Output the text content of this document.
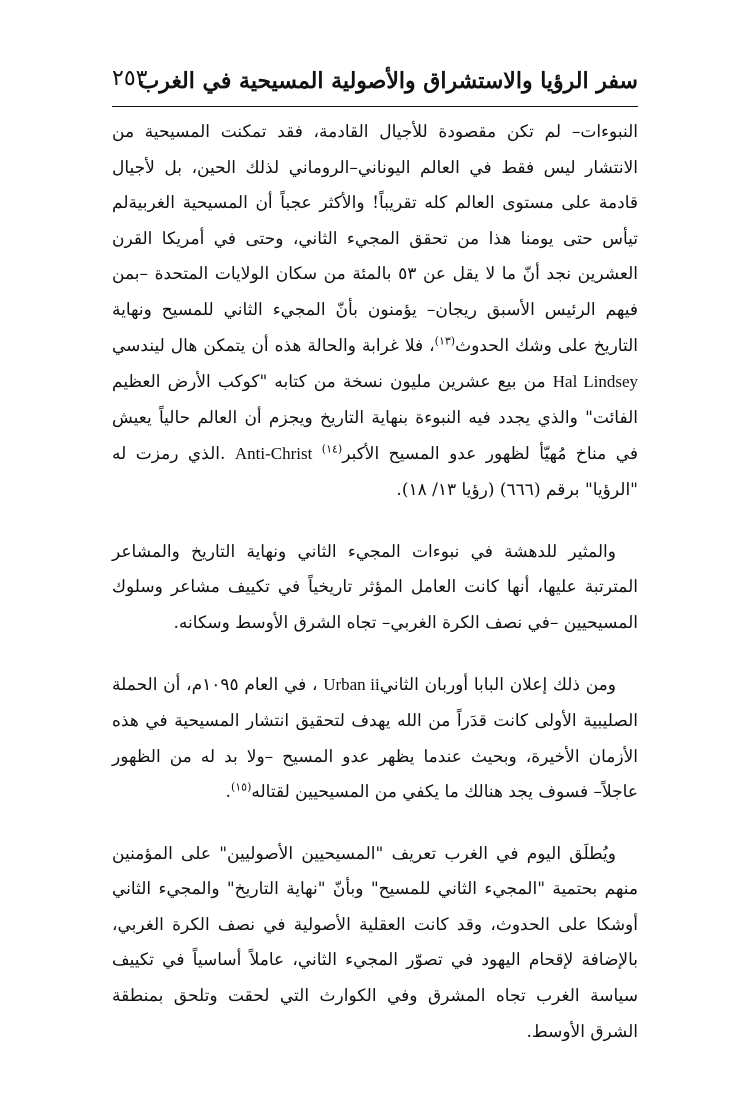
سفر الرؤيا والاستشراق والأصولية المسيحية في الغرب
٢٥٣

النبوءات– لم تكن مقصودة للأجيال القادمة، فقد تمكنت المسيحية من الانتشار ليس فقط في العالم اليوناني–الروماني لذلك الحين، بل لأجيال قادمة على مستوى العالم كله تقريباً! والأكثر عجباً أن المسيحية الغربيةلم تيأس حتى يومنا هذا من تحقق المجيء الثاني، وحتى في أمريكا القرن العشرين نجد أنّ ما لا يقل عن ٥٣ بالمئة من سكان الولايات المتحدة –بمن فيهم الرئيس الأسبق ريجان– يؤمنون بأنّ المجيء الثاني للمسيح ونهاية التاريخ على وشك الحدوث$^{(١٣)}$، فلا غرابة والحالة هذه أن يتمكن هال ليندسي Hal Lindsey من بيع عشرين مليون نسخة من كتابه "كوكب الأرض العظيم الفائت" والذي يجدد فيه النبوءة بنهاية التاريخ ويجزم أن العالم حالياً يعيش في مناخ مُهيّأ لظهور عدو المسيح الأكبر$^{(١٤)}$ Anti-Christ .الذي رمزت له "الرؤيا" برقم (٦٦٦) (رؤيا ١٣/ ١٨).

والمثير للدهشة في نبوءات المجيء الثاني ونهاية التاريخ والمشاعر المترتبة عليها، أنها كانت العامل المؤثر تاريخياً في تكييف مشاعر وسلوك المسيحيين –في نصف الكرة الغربي– تجاه الشرق الأوسط وسكانه.

ومن ذلك إعلان البابا أوربان الثانيUrban ii ، في العام ١٠٩٥م، أن الحملة الصليبية الأولى كانت قدَراً من الله يهدف لتحقيق انتشار المسيحية في هذه الأزمان الأخيرة، وبحيث عندما يظهر عدو المسيح –ولا بد له من الظهور عاجلاً– فسوف يجد هنالك ما يكفي من المسيحيين لقتاله$^{(١٥)}$.

ويُطلَق اليوم في الغرب تعريف "المسيحيين الأصوليين" على المؤمنين منهم بحتمية "المجيء الثاني للمسيح" وبأنّ "نهاية التاريخ" والمجيء الثاني أوشكا على الحدوث، وقد كانت العقلية الأصولية في نصف الكرة الغربي، بالإضافة لإقحام اليهود في تصوّر المجيء الثاني، عاملاً أساسياً في تكييف سياسة الغرب تجاه المشرق وفي الكوارث التي لحقت وتلحق بمنطقة الشرق الأوسط.
